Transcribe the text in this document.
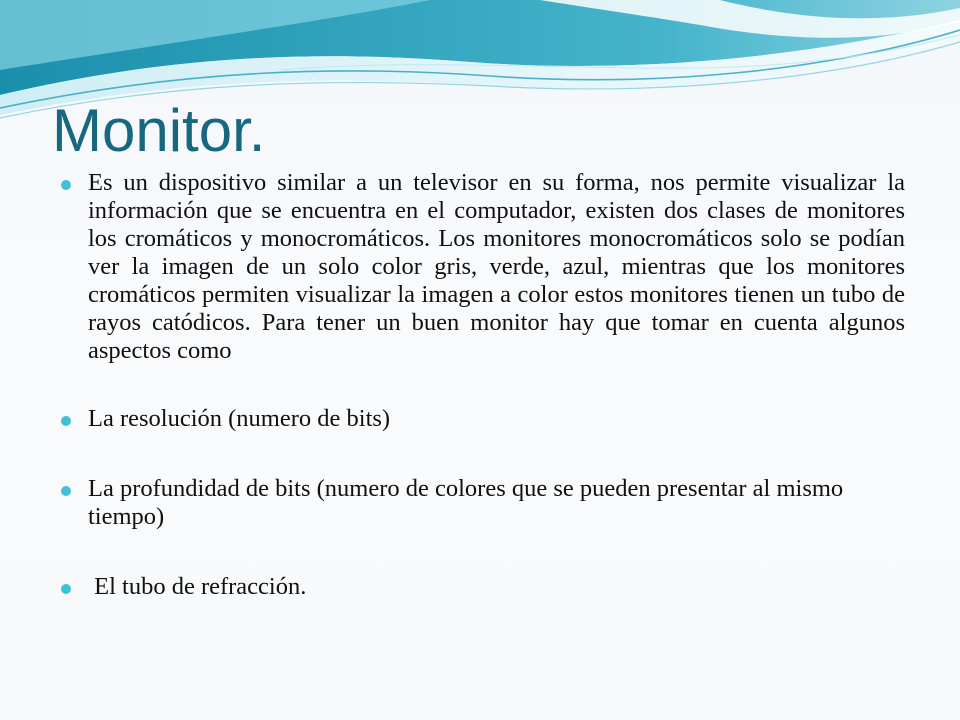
Monitor.

Es un dispositivo similar a un televisor en su forma, nos permite visualizar la información que se encuentra en el computador, existen dos clases de monitores los cromáticos y monocromáticos. Los monitores monocromáticos solo se podían ver la imagen de un solo color gris, verde, azul, mientras que los monitores cromáticos permiten visualizar la imagen a color estos monitores tienen un tubo de rayos catódicos. Para tener un buen monitor hay que tomar en cuenta algunos aspectos como

La resolución (numero de bits)

La profundidad de bits (numero de colores que se pueden presentar al mismo tiempo)

El tubo de refracción.
